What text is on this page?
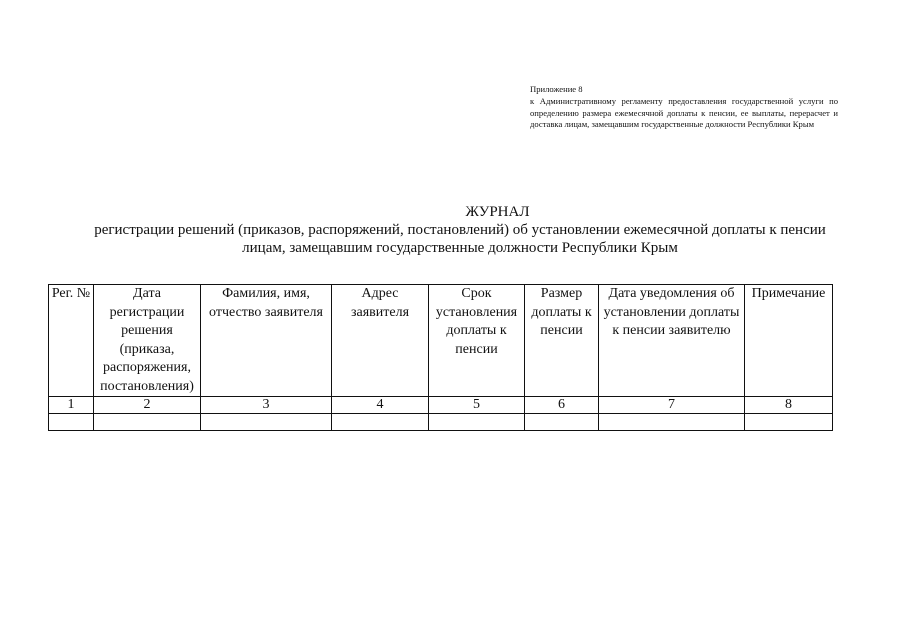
Приложение 8
к Административному регламенту предоставления государственной услуги по определению размера ежемесячной доплаты к пенсии, ее выплаты, перерасчет и доставка лицам, замещавшим государственные должности Республики Крым
ЖУРНАЛ
регистрации решений (приказов, распоряжений, постановлений) об установлении ежемесячной доплаты к пенсии
лицам, замещавшим государственные должности Республики Крым
Рег. №	Дата регистрации решения (приказа, распоряжения, постановления)	Фамилия, имя, отчество заявителя	Адрес заявителя	Срок установления доплаты к пенсии	Размер доплаты к пенсии	Дата уведомления об установлении доплаты к пенсии заявителю	Примечание

1	2	3	4	5	6	7	8
